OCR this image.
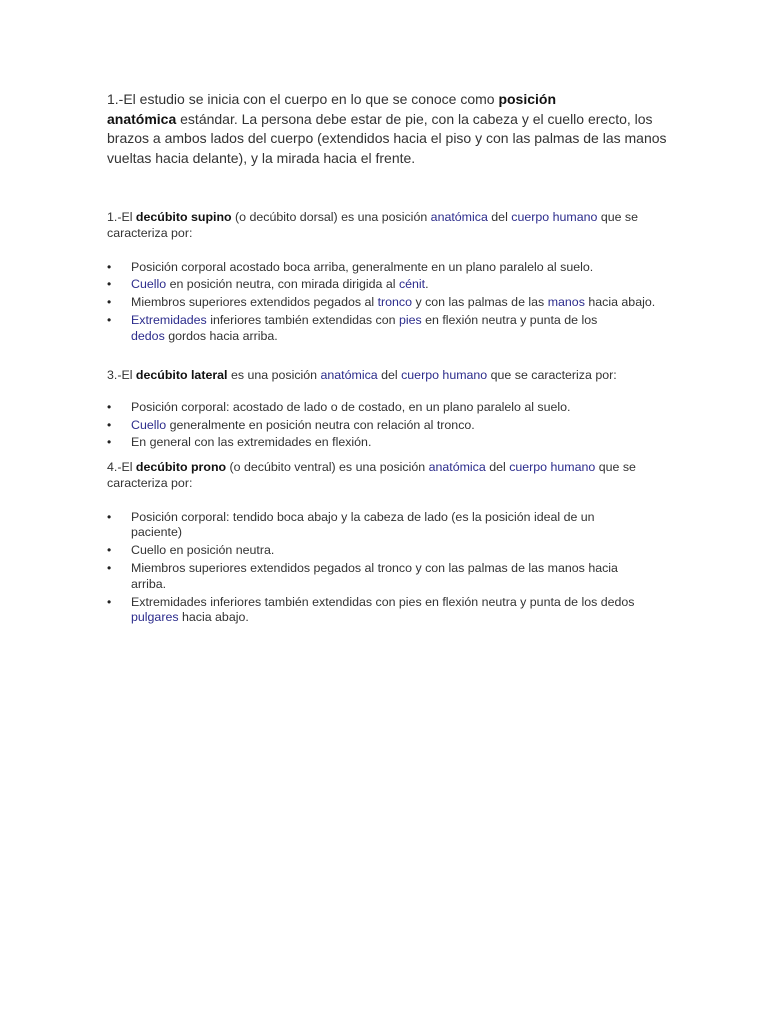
1.-El estudio se inicia con el cuerpo en lo que se conoce como posición
anatómica estándar. La persona debe estar de pie, con la cabeza y el cuello erecto, los brazos a ambos lados del cuerpo (extendidos hacia el piso y con las palmas de las manos vueltas hacia delante), y la mirada hacia el frente.

1.-El decúbito supino (o decúbito dorsal) es una posición anatómica del cuerpo humano que se caracteriza por:

• Posición corporal acostado boca arriba, generalmente en un plano paralelo al suelo.
• Cuello en posición neutra, con mirada dirigida al cénit.
• Miembros superiores extendidos pegados al tronco y con las palmas de las manos hacia abajo.
• Extremidades inferiores también extendidas con pies en flexión neutra y punta de los dedos gordos hacia arriba.

3.-El decúbito lateral es una posición anatómica del cuerpo humano que se caracteriza por:

• Posición corporal: acostado de lado o de costado, en un plano paralelo al suelo.
• Cuello generalmente en posición neutra con relación al tronco.
• En general con las extremidades en flexión.

4.-El decúbito prono (o decúbito ventral) es una posición anatómica del cuerpo humano que se caracteriza por:

• Posición corporal: tendido boca abajo y la cabeza de lado (es la posición ideal de un paciente)
• Cuello en posición neutra.
• Miembros superiores extendidos pegados al tronco y con las palmas de las manos hacia arriba.
• Extremidades inferiores también extendidas con pies en flexión neutra y punta de los dedos pulgares hacia abajo.
